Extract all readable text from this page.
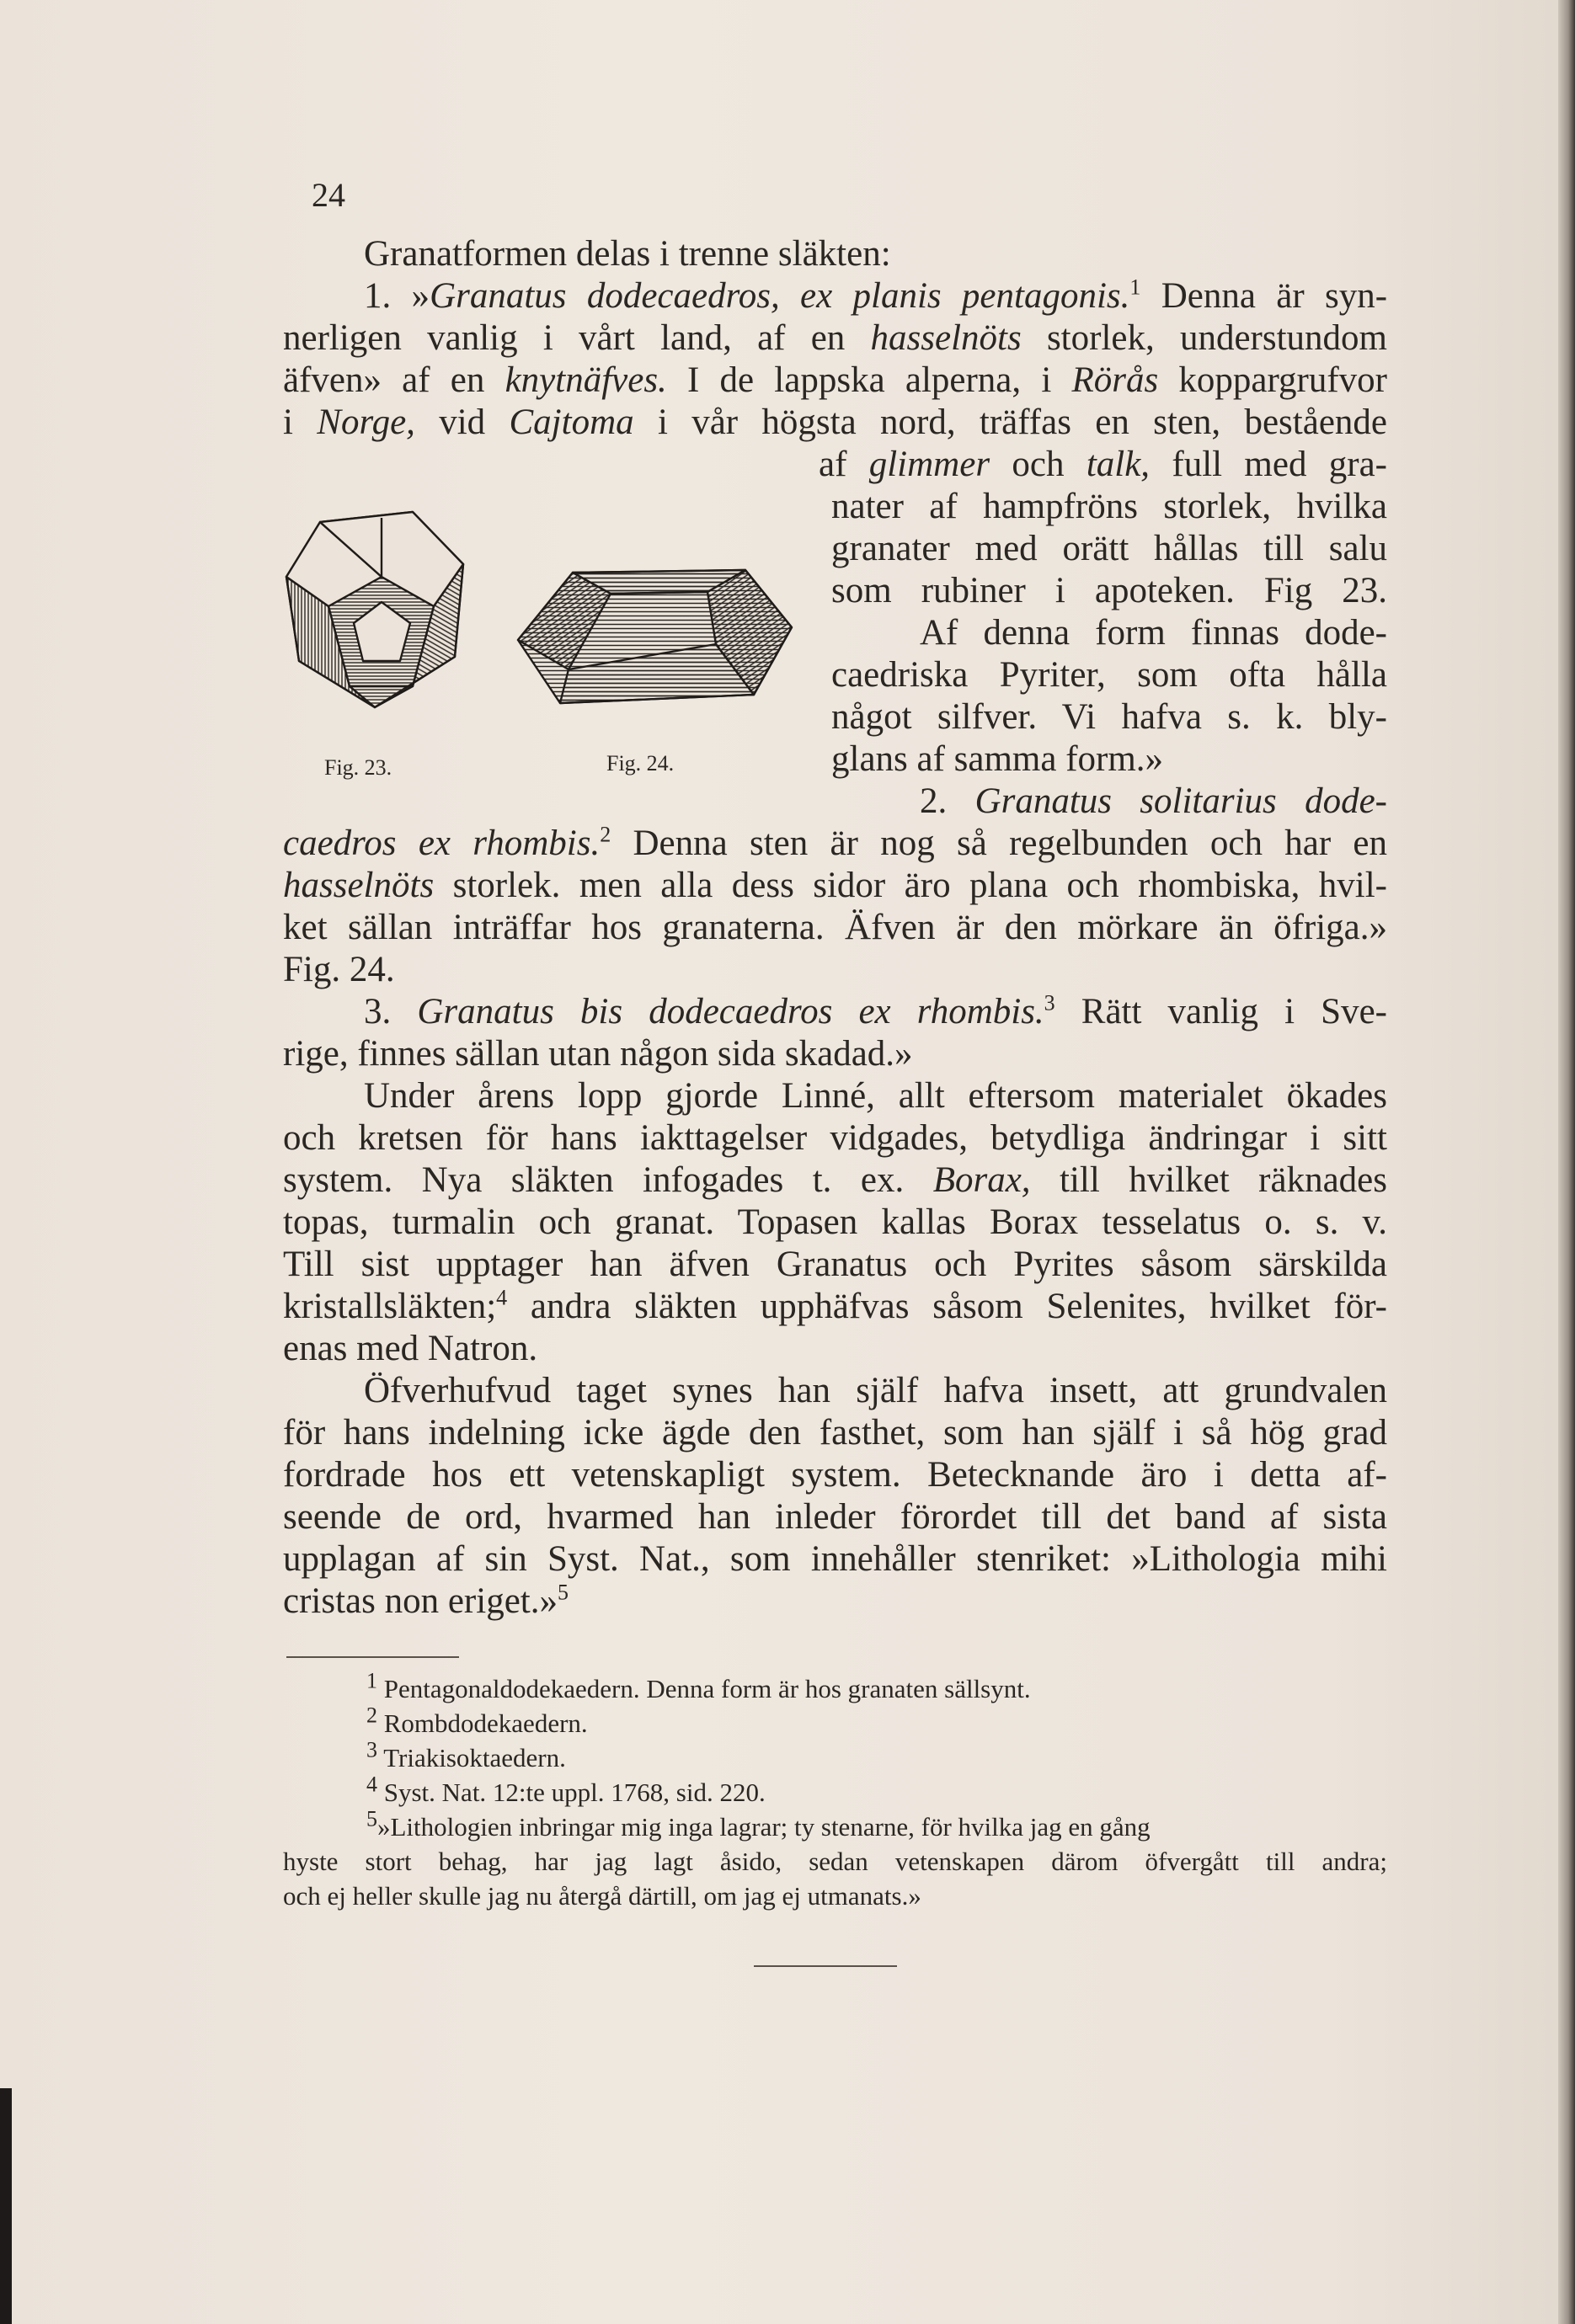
24
Granatformen delas i trenne släkten:
1. »Granatus dodecaedros, ex planis pentagonis.$^1$ Denna är syn-
nerligen vanlig i vårt land, af en hasselnöts storlek, understundom
äfven» af en knytnäfves. I de lappska alperna, i Rörås koppargrufvor
i Norge, vid Cajtoma i vår högsta nord, träffas en sten, bestående
af glimmer och talk, full med gra-
nater af hampfröns storlek, hvilka
granater med orätt hållas till salu
som rubiner i apoteken. Fig 23.
Af denna form finnas dode-
caedriska Pyriter, som ofta hålla
något silfver. Vi hafva s. k. bly-
glans af samma form.»
2. Granatus solitarius dode-
caedros ex rhombis.$^2$ Denna sten är nog så regelbunden och har en
hasselnöts storlek. men alla dess sidor äro plana och rhombiska, hvil-
ket sällan inträffar hos granaterna. Äfven är den mörkare än öfriga.»
Fig. 24.
3. Granatus bis dodecaedros ex rhombis.$^3$ Rätt vanlig i Sve-
rige, finnes sällan utan någon sida skadad.»
Under årens lopp gjorde Linné, allt eftersom materialet ökades
och kretsen för hans iakttagelser vidgades, betydliga ändringar i sitt
system. Nya släkten infogades t. ex. Borax, till hvilket räknades
topas, turmalin och granat. Topasen kallas Borax tesselatus o. s. v.
Till sist upptager han äfven Granatus och Pyrites såsom särskilda
kristallsläkten;$^4$ andra släkten upphäfvas såsom Selenites, hvilket för-
enas med Natron.
Öfverhufvud taget synes han själf hafva insett, att grundvalen
för hans indelning icke ägde den fasthet, som han själf i så hög grad
fordrade hos ett vetenskapligt system. Betecknande äro i detta af-
seende de ord, hvarmed han inleder förordet till det band af sista
upplagan af sin Syst. Nat., som innehåller stenriket: »Lithologia mihi
cristas non eriget.»$^5$
Fig. 23.	Fig. 24.
$^1$ Pentagonaldodekaedern. Denna form är hos granaten sällsynt.
$^2$ Rombdodekaedern.
$^3$ Triakisoktaedern.
$^4$ Syst. Nat. 12:te uppl. 1768, sid. 220.
$^5$»Lithologien inbringar mig inga lagrar; ty stenarne, för hvilka jag en gång
hyste stort behag, har jag lagt åsido, sedan vetenskapen därom öfvergått till andra;
och ej heller skulle jag nu återgå därtill, om jag ej utmanats.»
